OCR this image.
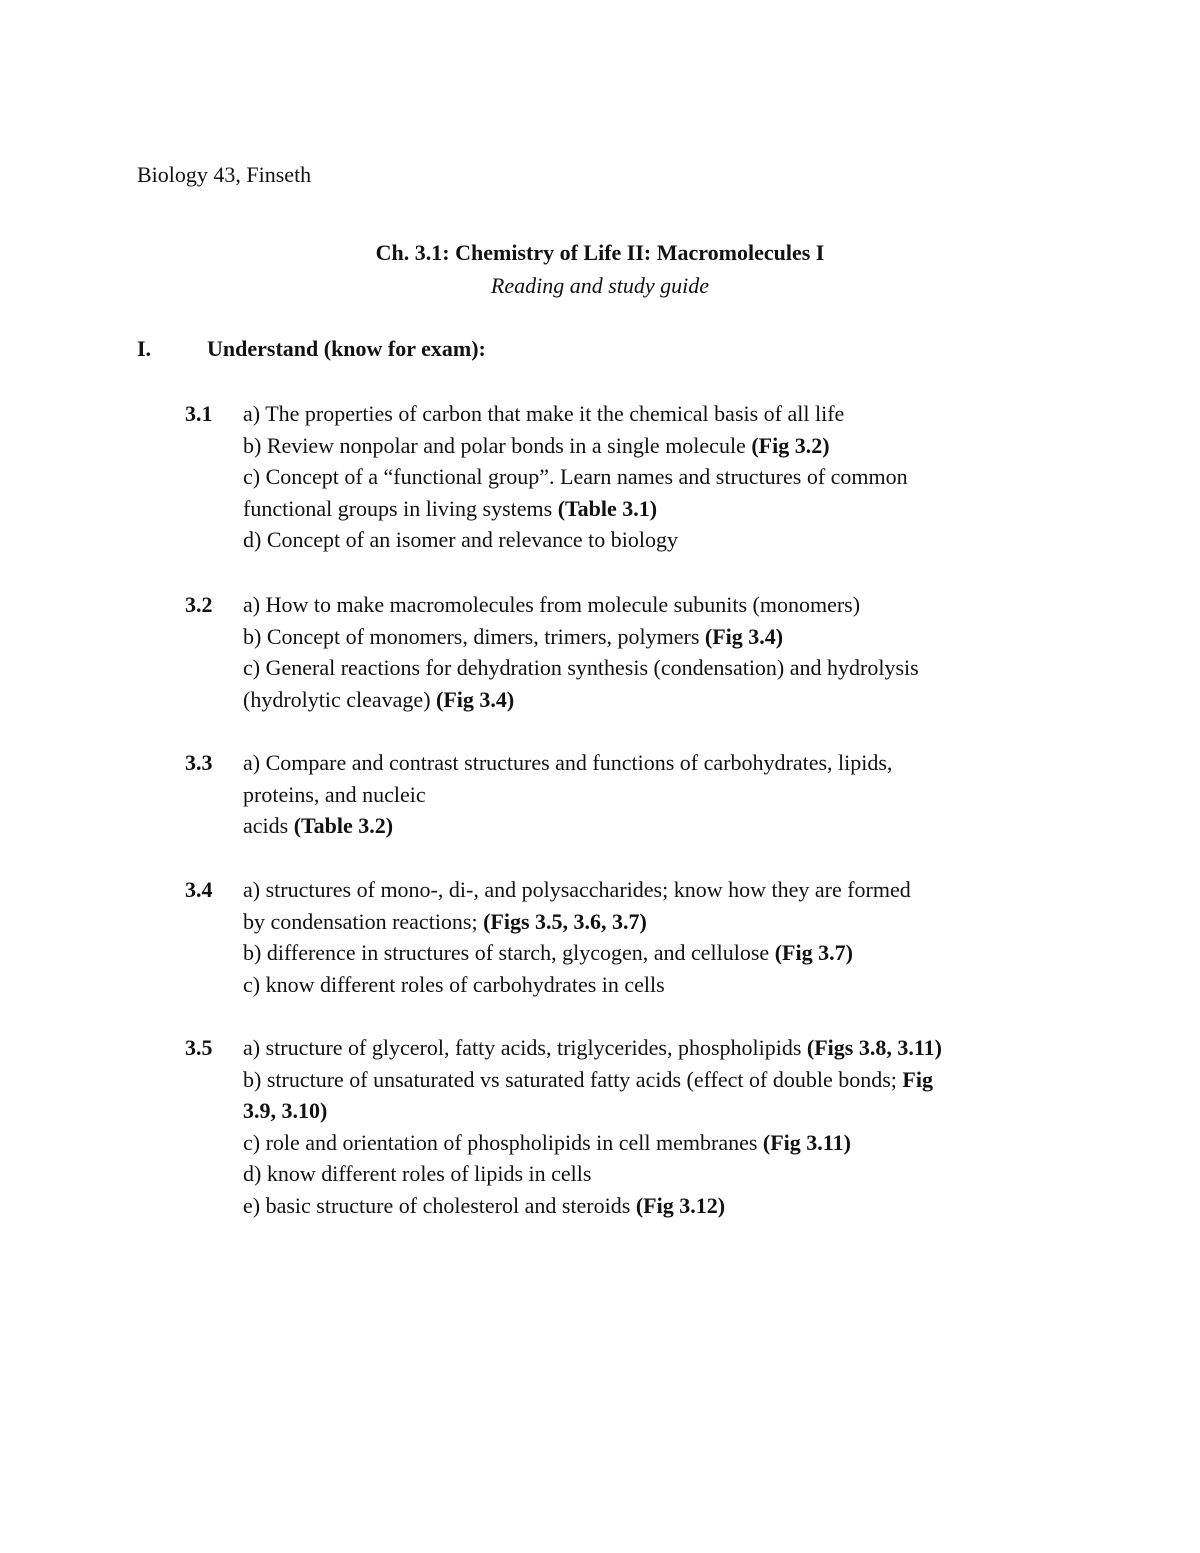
Biology 43, Finseth
Ch. 3.1: Chemistry of Life II: Macromolecules I
Reading and study guide
I.	Understand (know for exam):
3.1 a) The properties of carbon that make it the chemical basis of all life
b) Review nonpolar and polar bonds in a single molecule (Fig 3.2)
c) Concept of a “functional group”. Learn names and structures of common
functional groups in living systems (Table 3.1)
d) Concept of an isomer and relevance to biology
3.2 a) How to make macromolecules from molecule subunits (monomers)
b) Concept of monomers, dimers, trimers, polymers (Fig 3.4)
c) General reactions for dehydration synthesis (condensation) and hydrolysis
(hydrolytic cleavage) (Fig 3.4)
3.3 a) Compare and contrast structures and functions of carbohydrates, lipids,
proteins, and nucleic
acids (Table 3.2)
3.4 a) structures of mono-, di-, and polysaccharides; know how they are formed
by condensation reactions; (Figs 3.5, 3.6, 3.7)
b) difference in structures of starch, glycogen, and cellulose (Fig 3.7)
c) know different roles of carbohydrates in cells
3.5 a) structure of glycerol, fatty acids, triglycerides, phospholipids (Figs 3.8, 3.11)
b) structure of unsaturated vs saturated fatty acids (effect of double bonds; Fig
3.9, 3.10)
c) role and orientation of phospholipids in cell membranes (Fig 3.11)
d) know different roles of lipids in cells
e) basic structure of cholesterol and steroids (Fig 3.12)
